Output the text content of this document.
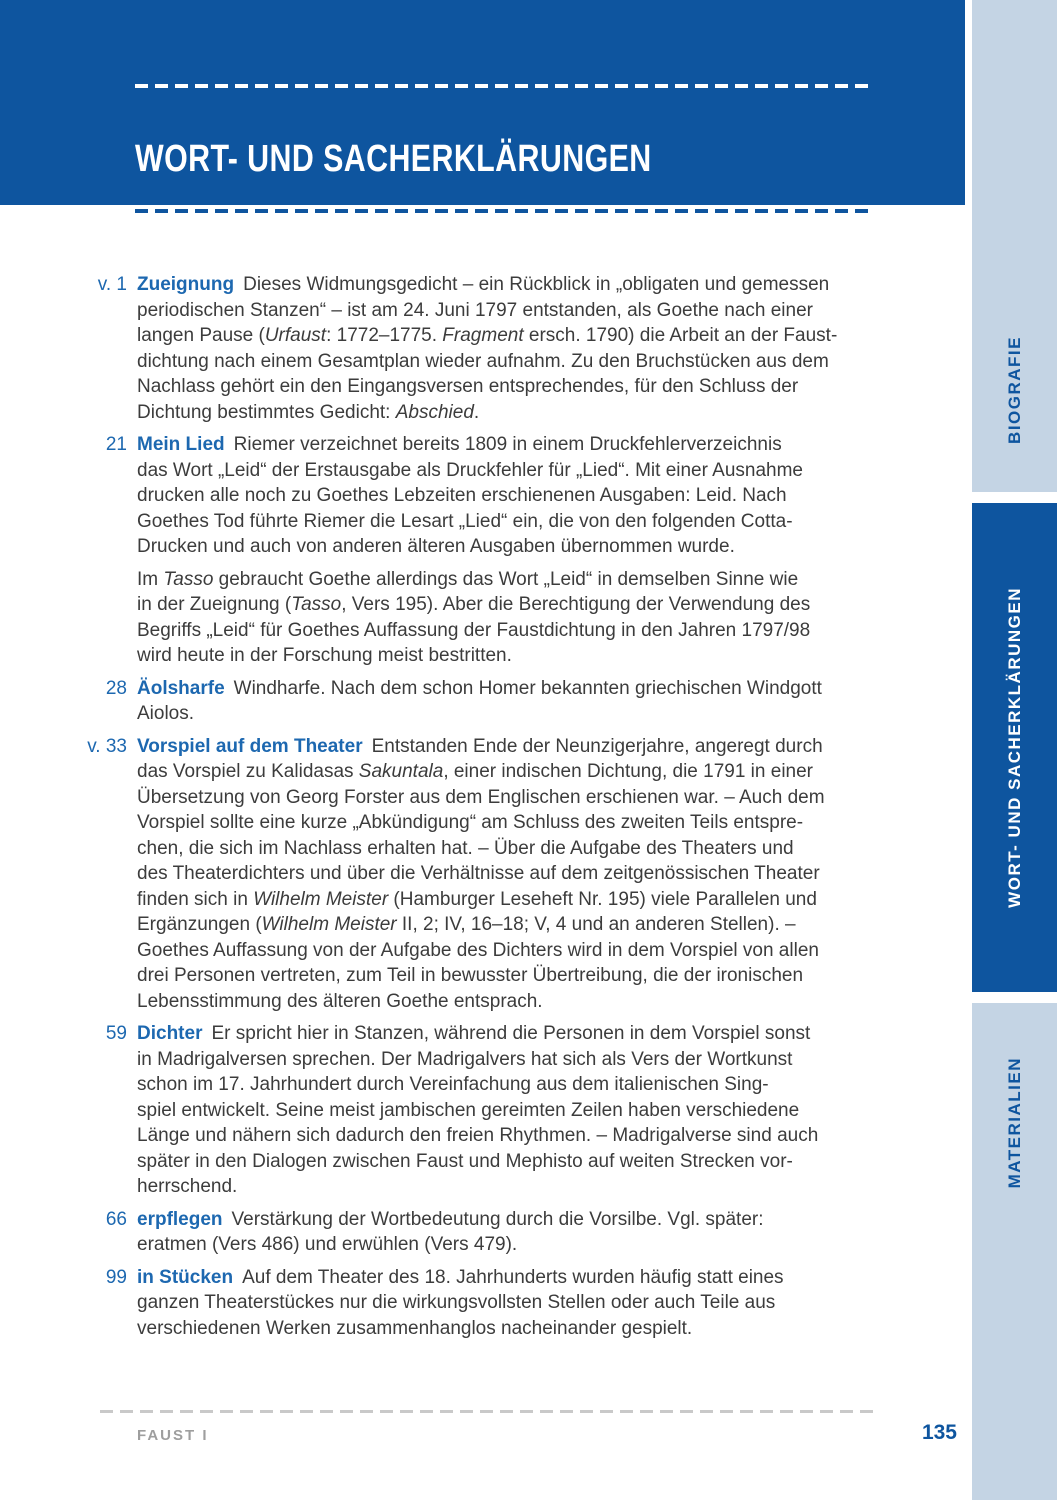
WORT- UND SACHERKLÄRUNGEN
BIOGRAFIE
WORT- UND SACHERKLÄRUNGEN
MATERIALIEN
v. 1 Zueignung Dieses Widmungsgedicht – ein Rückblick in „obligaten und gemessen
periodischen Stanzen“ – ist am 24. Juni 1797 entstanden, als Goethe nach einer
langen Pause (Urfaust: 1772–1775. Fragment ersch. 1790) die Arbeit an der Faust-
dichtung nach einem Gesamtplan wieder aufnahm. Zu den Bruchstücken aus dem
Nachlass gehört ein den Eingangsversen entsprechendes, für den Schluss der
Dichtung bestimmtes Gedicht: Abschied.
21 Mein Lied Riemer verzeichnet bereits 1809 in einem Druckfehlerverzeichnis
das Wort „Leid“ der Erstausgabe als Druckfehler für „Lied“. Mit einer Ausnahme
drucken alle noch zu Goethes Lebzeiten erschienenen Ausgaben: Leid. Nach
Goethes Tod führte Riemer die Lesart „Lied“ ein, die von den folgenden Cotta-
Drucken und auch von anderen älteren Ausgaben übernommen wurde.
Im Tasso gebraucht Goethe allerdings das Wort „Leid“ in demselben Sinne wie
in der Zueignung (Tasso, Vers 195). Aber die Berechtigung der Verwendung des
Begriffs „Leid“ für Goethes Auffassung der Faustdichtung in den Jahren 1797/98
wird heute in der Forschung meist bestritten.
28 Äolsharfe Windharfe. Nach dem schon Homer bekannten griechischen Windgott
Aiolos.
v. 33 Vorspiel auf dem Theater Entstanden Ende der Neunzigerjahre, angeregt durch
das Vorspiel zu Kalidasas Sakuntala, einer indischen Dichtung, die 1791 in einer
Übersetzung von Georg Forster aus dem Englischen erschienen war. – Auch dem
Vorspiel sollte eine kurze „Abkündigung“ am Schluss des zweiten Teils entspre-
chen, die sich im Nachlass erhalten hat. – Über die Aufgabe des Theaters und
des Theaterdichters und über die Verhältnisse auf dem zeitgenössischen Theater
finden sich in Wilhelm Meister (Hamburger Leseheft Nr. 195) viele Parallelen und
Ergänzungen (Wilhelm Meister II, 2; IV, 16–18; V, 4 und an anderen Stellen). –
Goethes Auffassung von der Aufgabe des Dichters wird in dem Vorspiel von allen
drei Personen vertreten, zum Teil in bewusster Übertreibung, die der ironischen
Lebensstimmung des älteren Goethe entsprach.
59 Dichter Er spricht hier in Stanzen, während die Personen in dem Vorspiel sonst
in Madrigalversen sprechen. Der Madrigalvers hat sich als Vers der Wortkunst
schon im 17. Jahrhundert durch Vereinfachung aus dem italienischen Sing-
spiel entwickelt. Seine meist jambischen gereimten Zeilen haben verschiedene
Länge und nähern sich dadurch den freien Rhythmen. – Madrigalverse sind auch
später in den Dialogen zwischen Faust und Mephisto auf weiten Strecken vor-
herrschend.
66 erpflegen Verstärkung der Wortbedeutung durch die Vorsilbe. Vgl. später:
eratmen (Vers 486) und erwühlen (Vers 479).
99 in Stücken Auf dem Theater des 18. Jahrhunderts wurden häufig statt eines
ganzen Theaterstückes nur die wirkungsvollsten Stellen oder auch Teile aus
verschiedenen Werken zusammenhanglos nacheinander gespielt.
FAUST I	135
